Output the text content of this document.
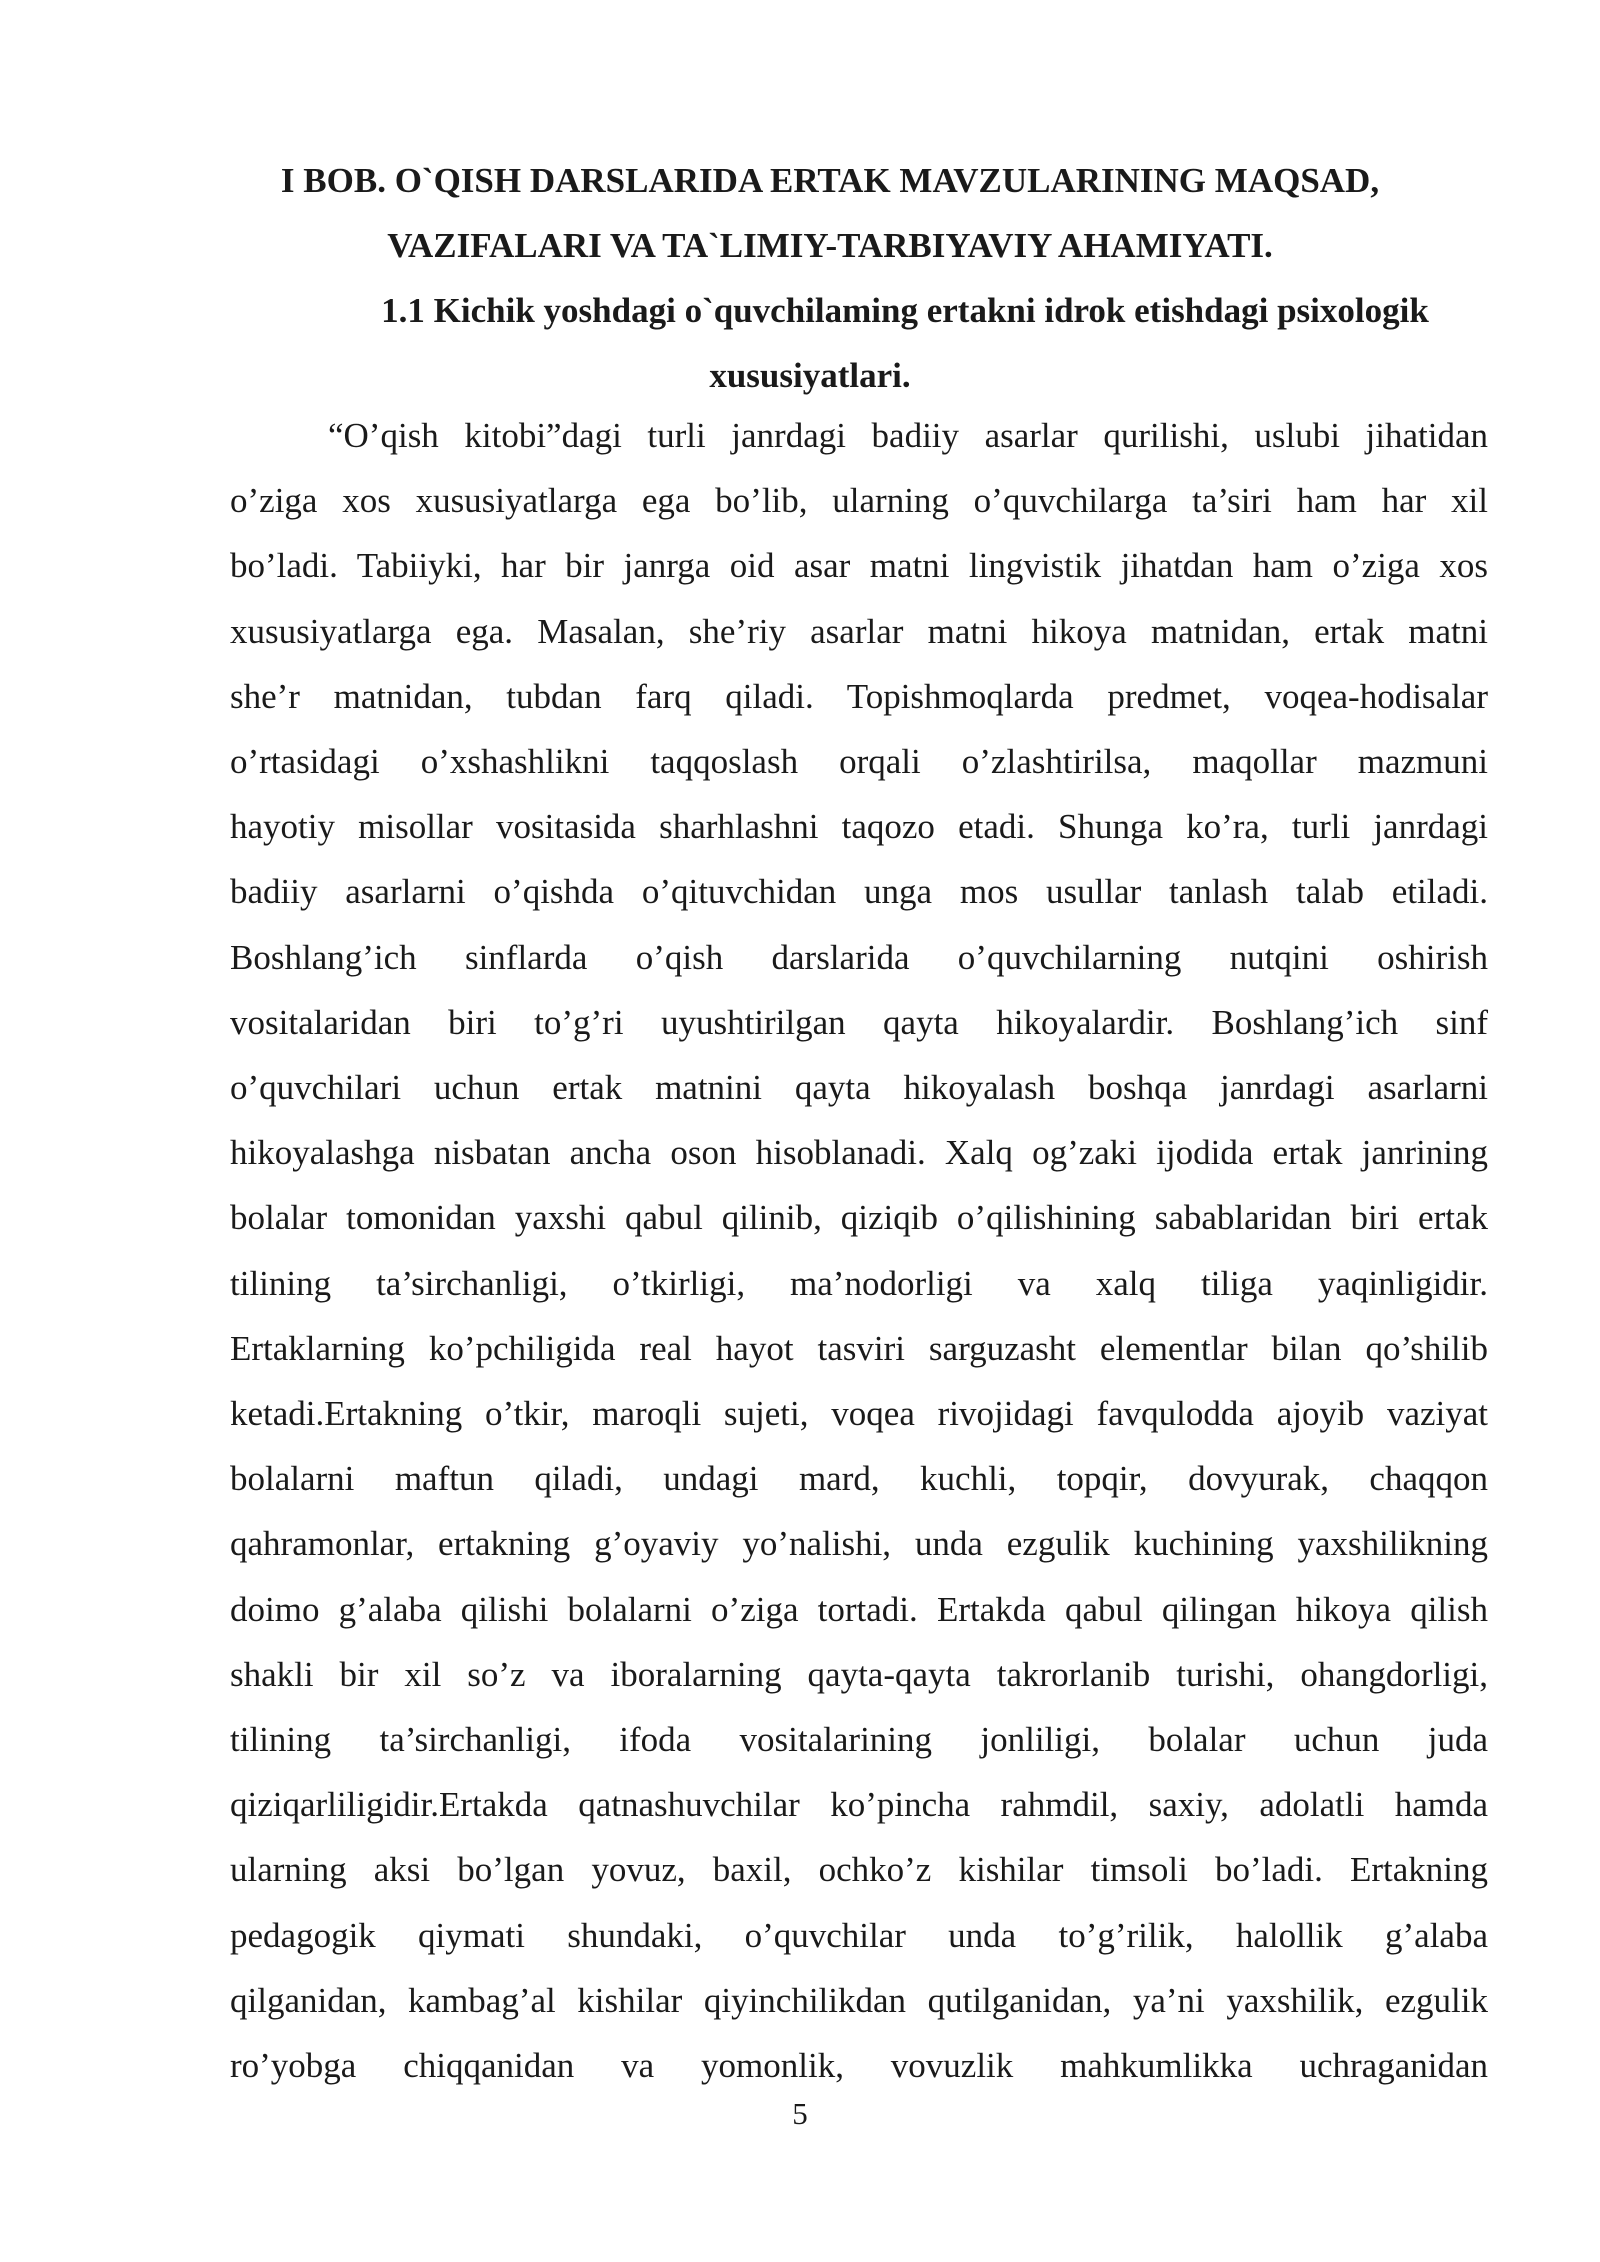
I BOB. O`QISH DARSLARIDA ERTAK MAVZULARINING MAQSAD,
VAZIFALARI VA TA`LIMIY-TARBIYAVIY AHAMIYATI.
1.1 Kichik yoshdagi o`quvchilaming ertakni idrok etishdagi psixologik

xususiyatlari.
“O’qish kitobi”dagi turli janrdagi badiiy asarlar qurilishi, uslubi jihatidan
o’ziga xos xususiyatlarga ega bo’lib, ularning o’quvchilarga ta’siri ham har xil
bo’ladi. Tabiiyki, har bir janrga oid asar matni lingvistik jihatdan ham o’ziga xos
xususiyatlarga ega. Masalan, she’riy asarlar matni hikoya matnidan, ertak matni
she’r matnidan, tubdan farq qiladi. Topishmoqlarda predmet, voqea-hodisalar
o’rtasidagi o’xshashlikni taqqoslash orqali o’zlashtirilsa, maqollar mazmuni
hayotiy misollar vositasida sharhlashni taqozo etadi. Shunga ko’ra, turli janrdagi
badiiy asarlarni o’qishda o’qituvchidan unga mos usullar tanlash talab etiladi.
Boshlang’ich sinflarda o’qish darslarida o’quvchilarning nutqini oshirish
vositalaridan biri to’g’ri uyushtirilgan qayta hikoyalardir. Boshlang’ich sinf
o’quvchilari uchun ertak matnini qayta hikoyalash boshqa janrdagi asarlarni
hikoyalashga nisbatan ancha oson hisoblanadi. Xalq og’zaki ijodida ertak janrining
bolalar tomonidan yaxshi qabul qilinib, qiziqib o’qilishining sabablaridan biri ertak
tilining ta’sirchanligi, o’tkirligi, ma’nodorligi va xalq tiliga yaqinligidir.
Ertaklarning ko’pchiligida real hayot tasviri sarguzasht elementlar bilan qo’shilib
ketadi.Ertakning o’tkir, maroqli sujeti, voqea rivojidagi favqulodda ajoyib vaziyat
bolalarni maftun qiladi, undagi mard, kuchli, topqir, dovyurak, chaqqon
qahramonlar, ertakning g’oyaviy yo’nalishi, unda ezgulik kuchining yaxshilikning
doimo g’alaba qilishi bolalarni o’ziga tortadi. Ertakda qabul qilingan hikoya qilish
shakli bir xil so’z va iboralarning qayta-qayta takrorlanib turishi, ohangdorligi,
tilining ta’sirchanligi, ifoda vositalarining jonliligi, bolalar uchun juda
qiziqarliligidir.Ertakda qatnashuvchilar ko’pincha rahmdil, saxiy, adolatli hamda
ularning aksi bo’lgan yovuz, baxil, ochko’z kishilar timsoli bo’ladi. Ertakning
pedagogik qiymati shundaki, o’quvchilar unda to’g’rilik, halollik g’alaba
qilganidan, kambag’al kishilar qiyinchilikdan qutilganidan, ya’ni yaxshilik, ezgulik
ro’yobga chiqqanidan va yomonlik, vovuzlik mahkumlikka uchraganidan
5
